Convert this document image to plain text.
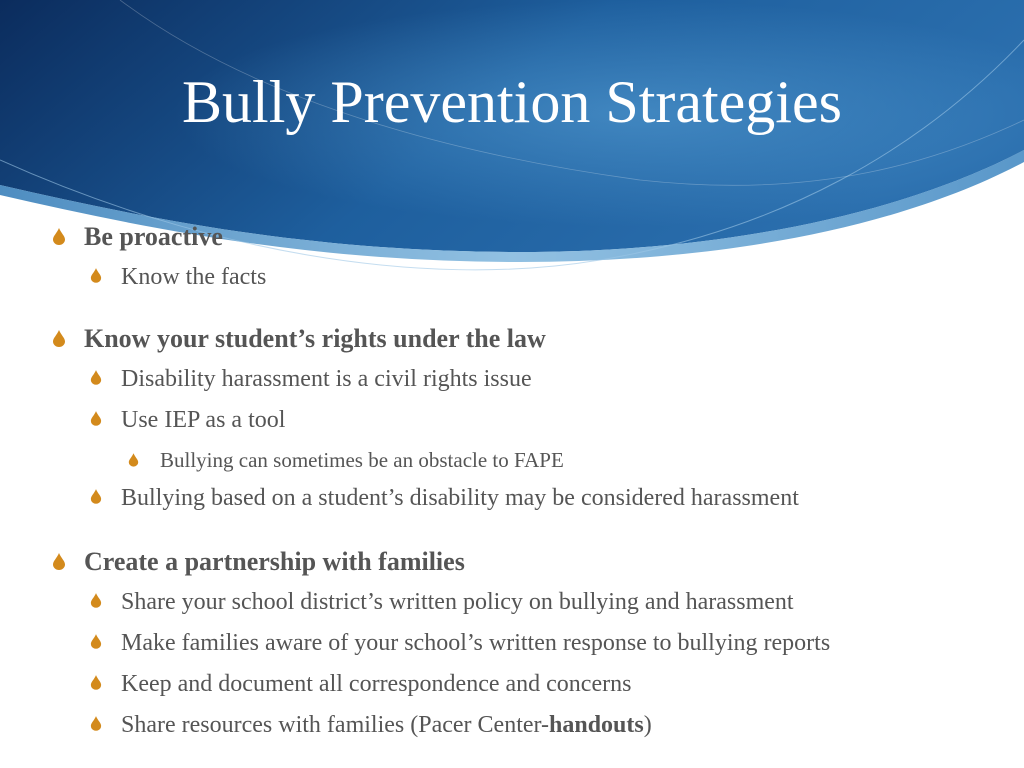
Bully Prevention Strategies
Be proactive
Know the facts
Know your student’s rights under the law
Disability harassment is a civil rights issue
Use IEP as a tool
Bullying can sometimes be an obstacle to FAPE
Bullying based on a student’s disability may be considered harassment
Create a partnership with families
Share your school district’s written policy on bullying and harassment
Make families aware of your school’s written response to bullying reports
Keep and document all correspondence and concerns
Share resources with families (Pacer Center-handouts)
